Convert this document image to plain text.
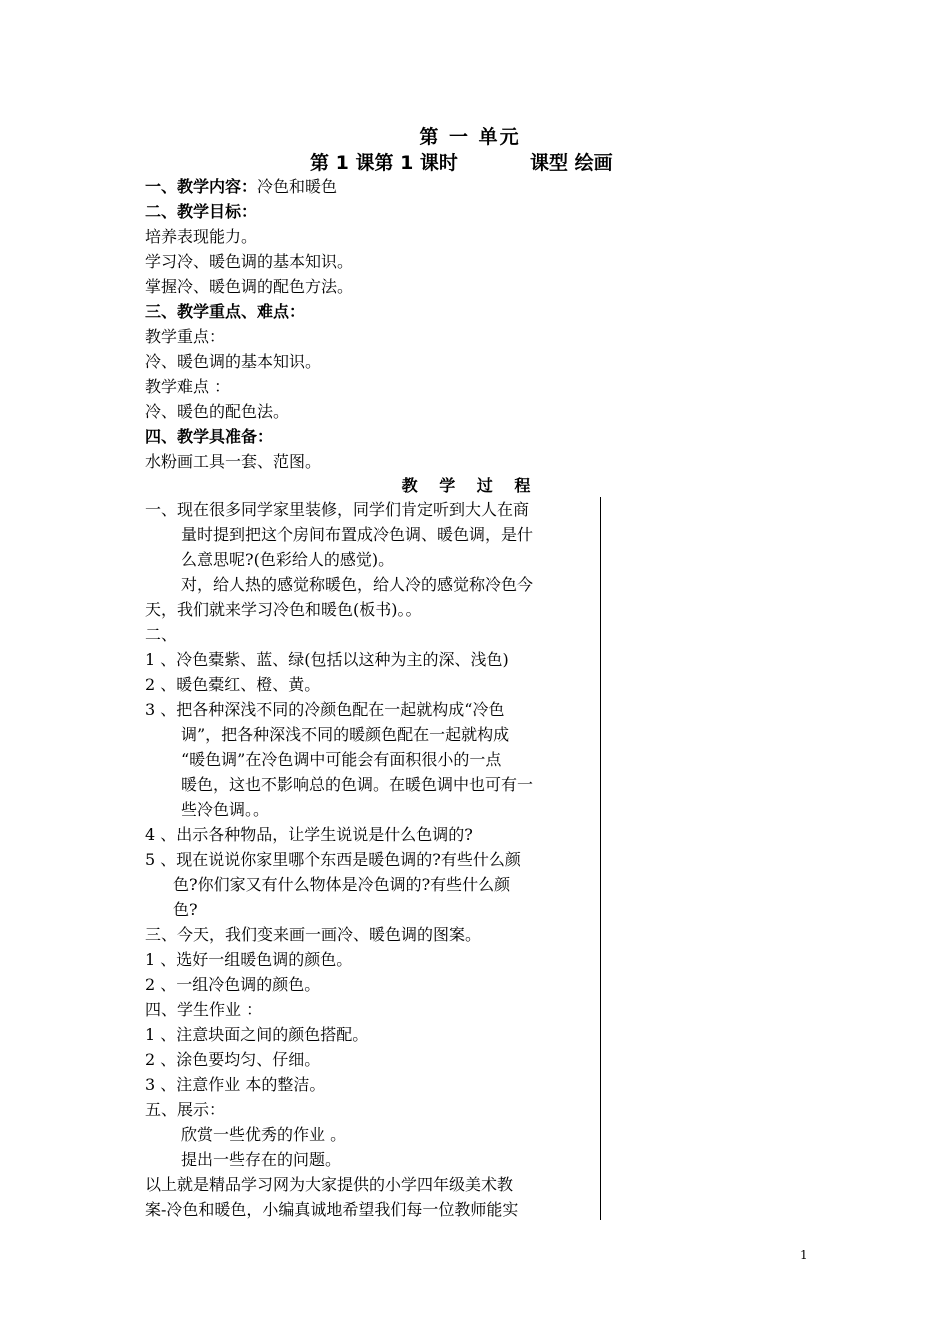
第 一 单元
第 1 课第 1 课时	课型 绘画
一、教学内容：冷色和暖色
二、教学目标：
培养表现能力。
学习冷、暖色调的基本知识。
掌握冷、暖色调的配色方法。
三、教学重点、难点：
教学重点：
冷、暖色调的基本知识。
教学难点 ：
冷、暖色的配色法。
四、教学具准备：
水粉画工具一套、范图。
教 学 过 程
一、现在很多同学家里装修，同学们肯定听到大人在商
量时提到把这个房间布置成冷色调、暖色调，是什
么意思呢?(色彩给人的感觉)。
对，给人热的感觉称暖色，给人冷的感觉称冷色今
天，我们就来学习冷色和暖色(板书)。。
二、
1 、冷色橐紫、蓝、绿(包括以这种为主的深、浅色)
2 、暖色橐红、橙、黄。
3 、把各种深浅不同的冷颜色配在一起就构成“冷色
调”，把各种深浅不同的暖颜色配在一起就构成
“暖色调”在冷色调中可能会有面积很小的一点
暖色，这也不影响总的色调。在暖色调中也可有一
些冷色调。。
4 、出示各种物品，让学生说说是什么色调的?
5 、现在说说你家里哪个东西是暖色调的?有些什么颜
色?你们家又有什么物体是冷色调的?有些什么颜
色?
三、今天，我们变来画一画冷、暖色调的图案。
1 、选好一组暖色调的颜色。
2 、一组冷色调的颜色。
四、学生作业 ：
1 、注意块面之间的颜色搭配。
2 、涂色要均匀、仔细。
3 、注意作业 本的整洁。
五、展示：
欣赏一些优秀的作业 。
提出一些存在的问题。
以上就是精品学习网为大家提供的小学四年级美术教
案-冷色和暖色，小编真诚地希望我们每一位教师能实
1
